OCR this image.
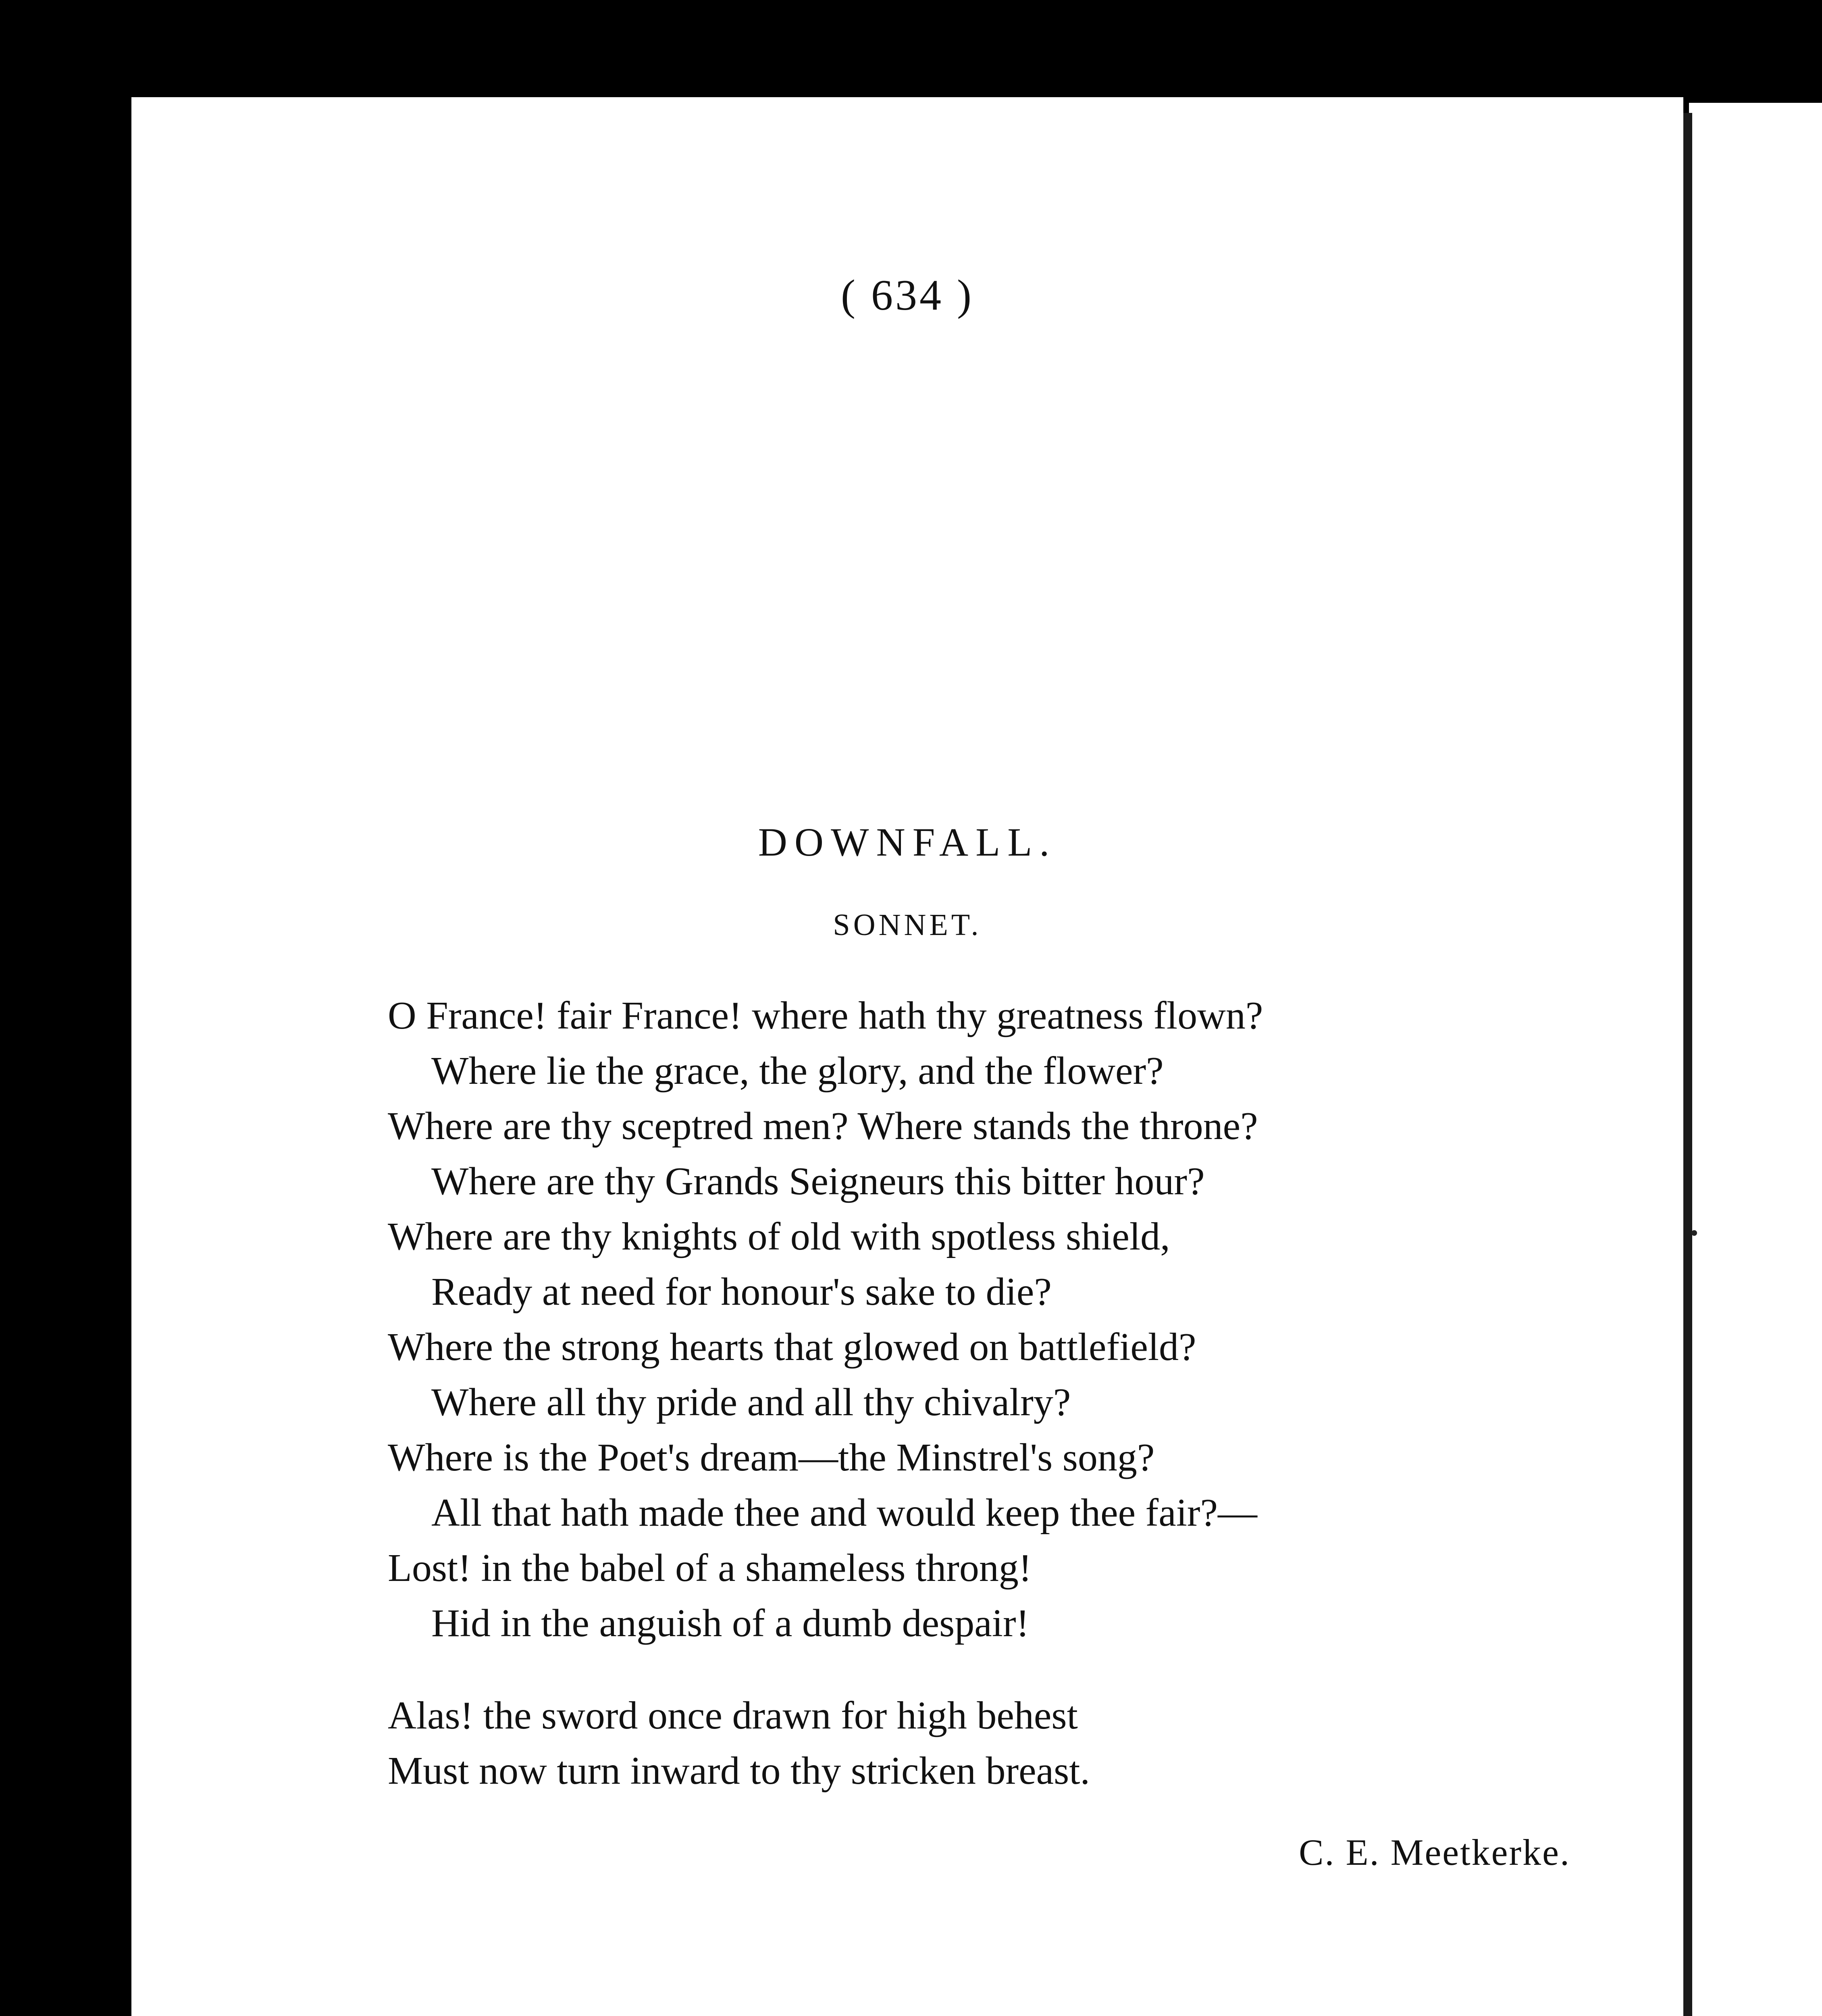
( 634 )
DOWNFALL.
SONNET.
O France! fair France! where hath thy greatness flown?
Where lie the grace, the glory, and the flower?
Where are thy sceptred men? Where stands the throne?
Where are thy Grands Seigneurs this bitter hour?
Where are thy knights of old with spotless shield,
Ready at need for honour's sake to die?
Where the strong hearts that glowed on battlefield?
Where all thy pride and all thy chivalry?
Where is the Poet's dream—the Minstrel's song?
All that hath made thee and would keep thee fair?—
Lost! in the babel of a shameless throng!
Hid in the anguish of a dumb despair!
Alas! the sword once drawn for high behest
Must now turn inward to thy stricken breast.
C. E. Meetkerke.
